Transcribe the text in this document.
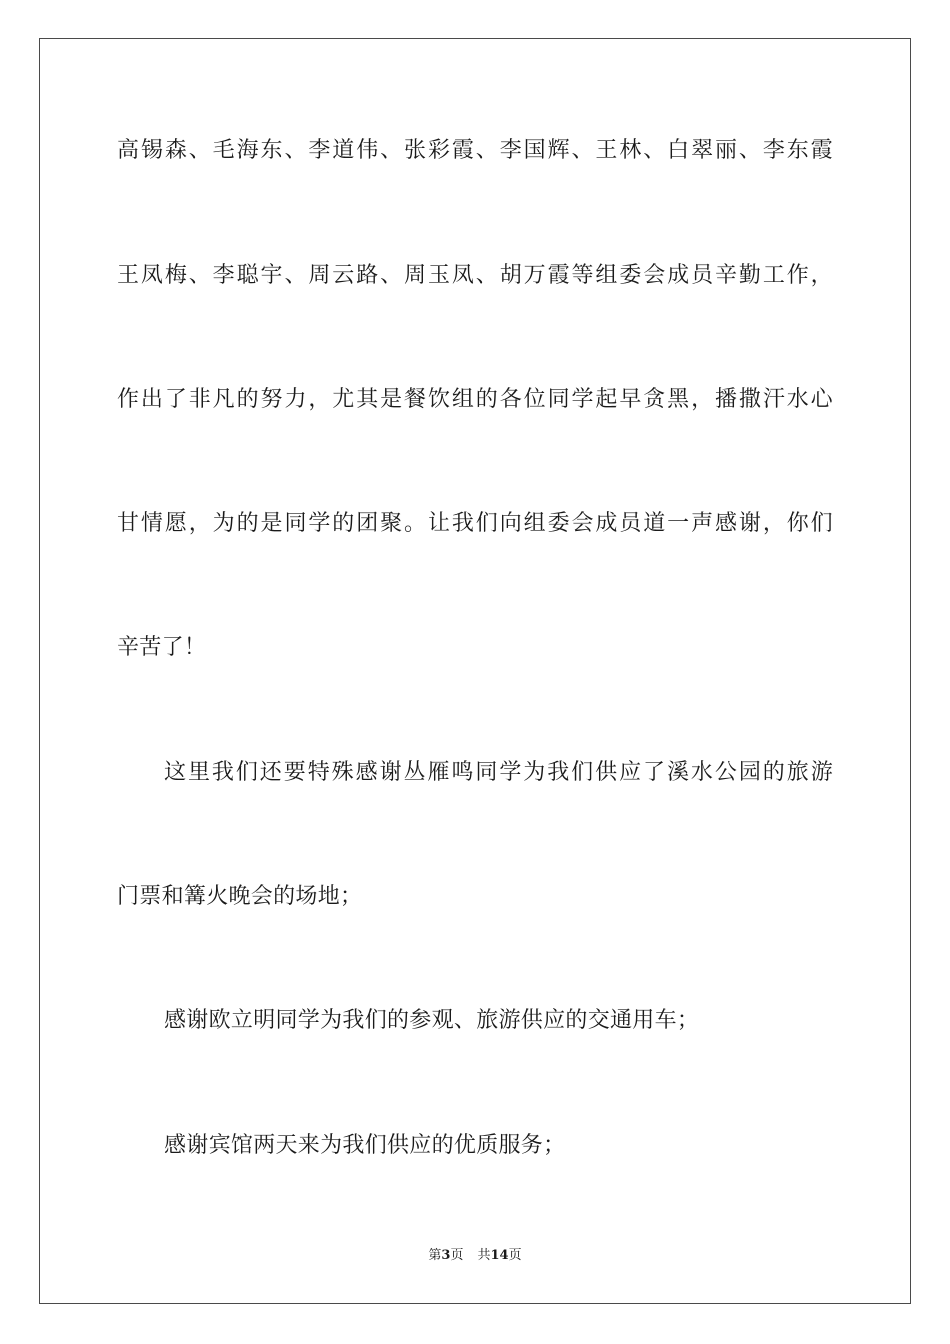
高锡森、毛海东、李道伟、张彩霞、李国辉、王林、白翠丽、李东霞
王凤梅、李聪宇、周云路、周玉凤、胡万霞等组委会成员辛勤工作，
作出了非凡的努力，尤其是餐饮组的各位同学起早贪黑，播撒汗水心
甘情愿，为的是同学的团聚。让我们向组委会成员道一声感谢，你们
辛苦了！
这里我们还要特殊感谢丛雁鸣同学为我们供应了溪水公园的旅游
门票和篝火晚会的场地；
感谢欧立明同学为我们的参观、旅游供应的交通用车；
感谢宾馆两天来为我们供应的优质服务；
第3页 共14页
